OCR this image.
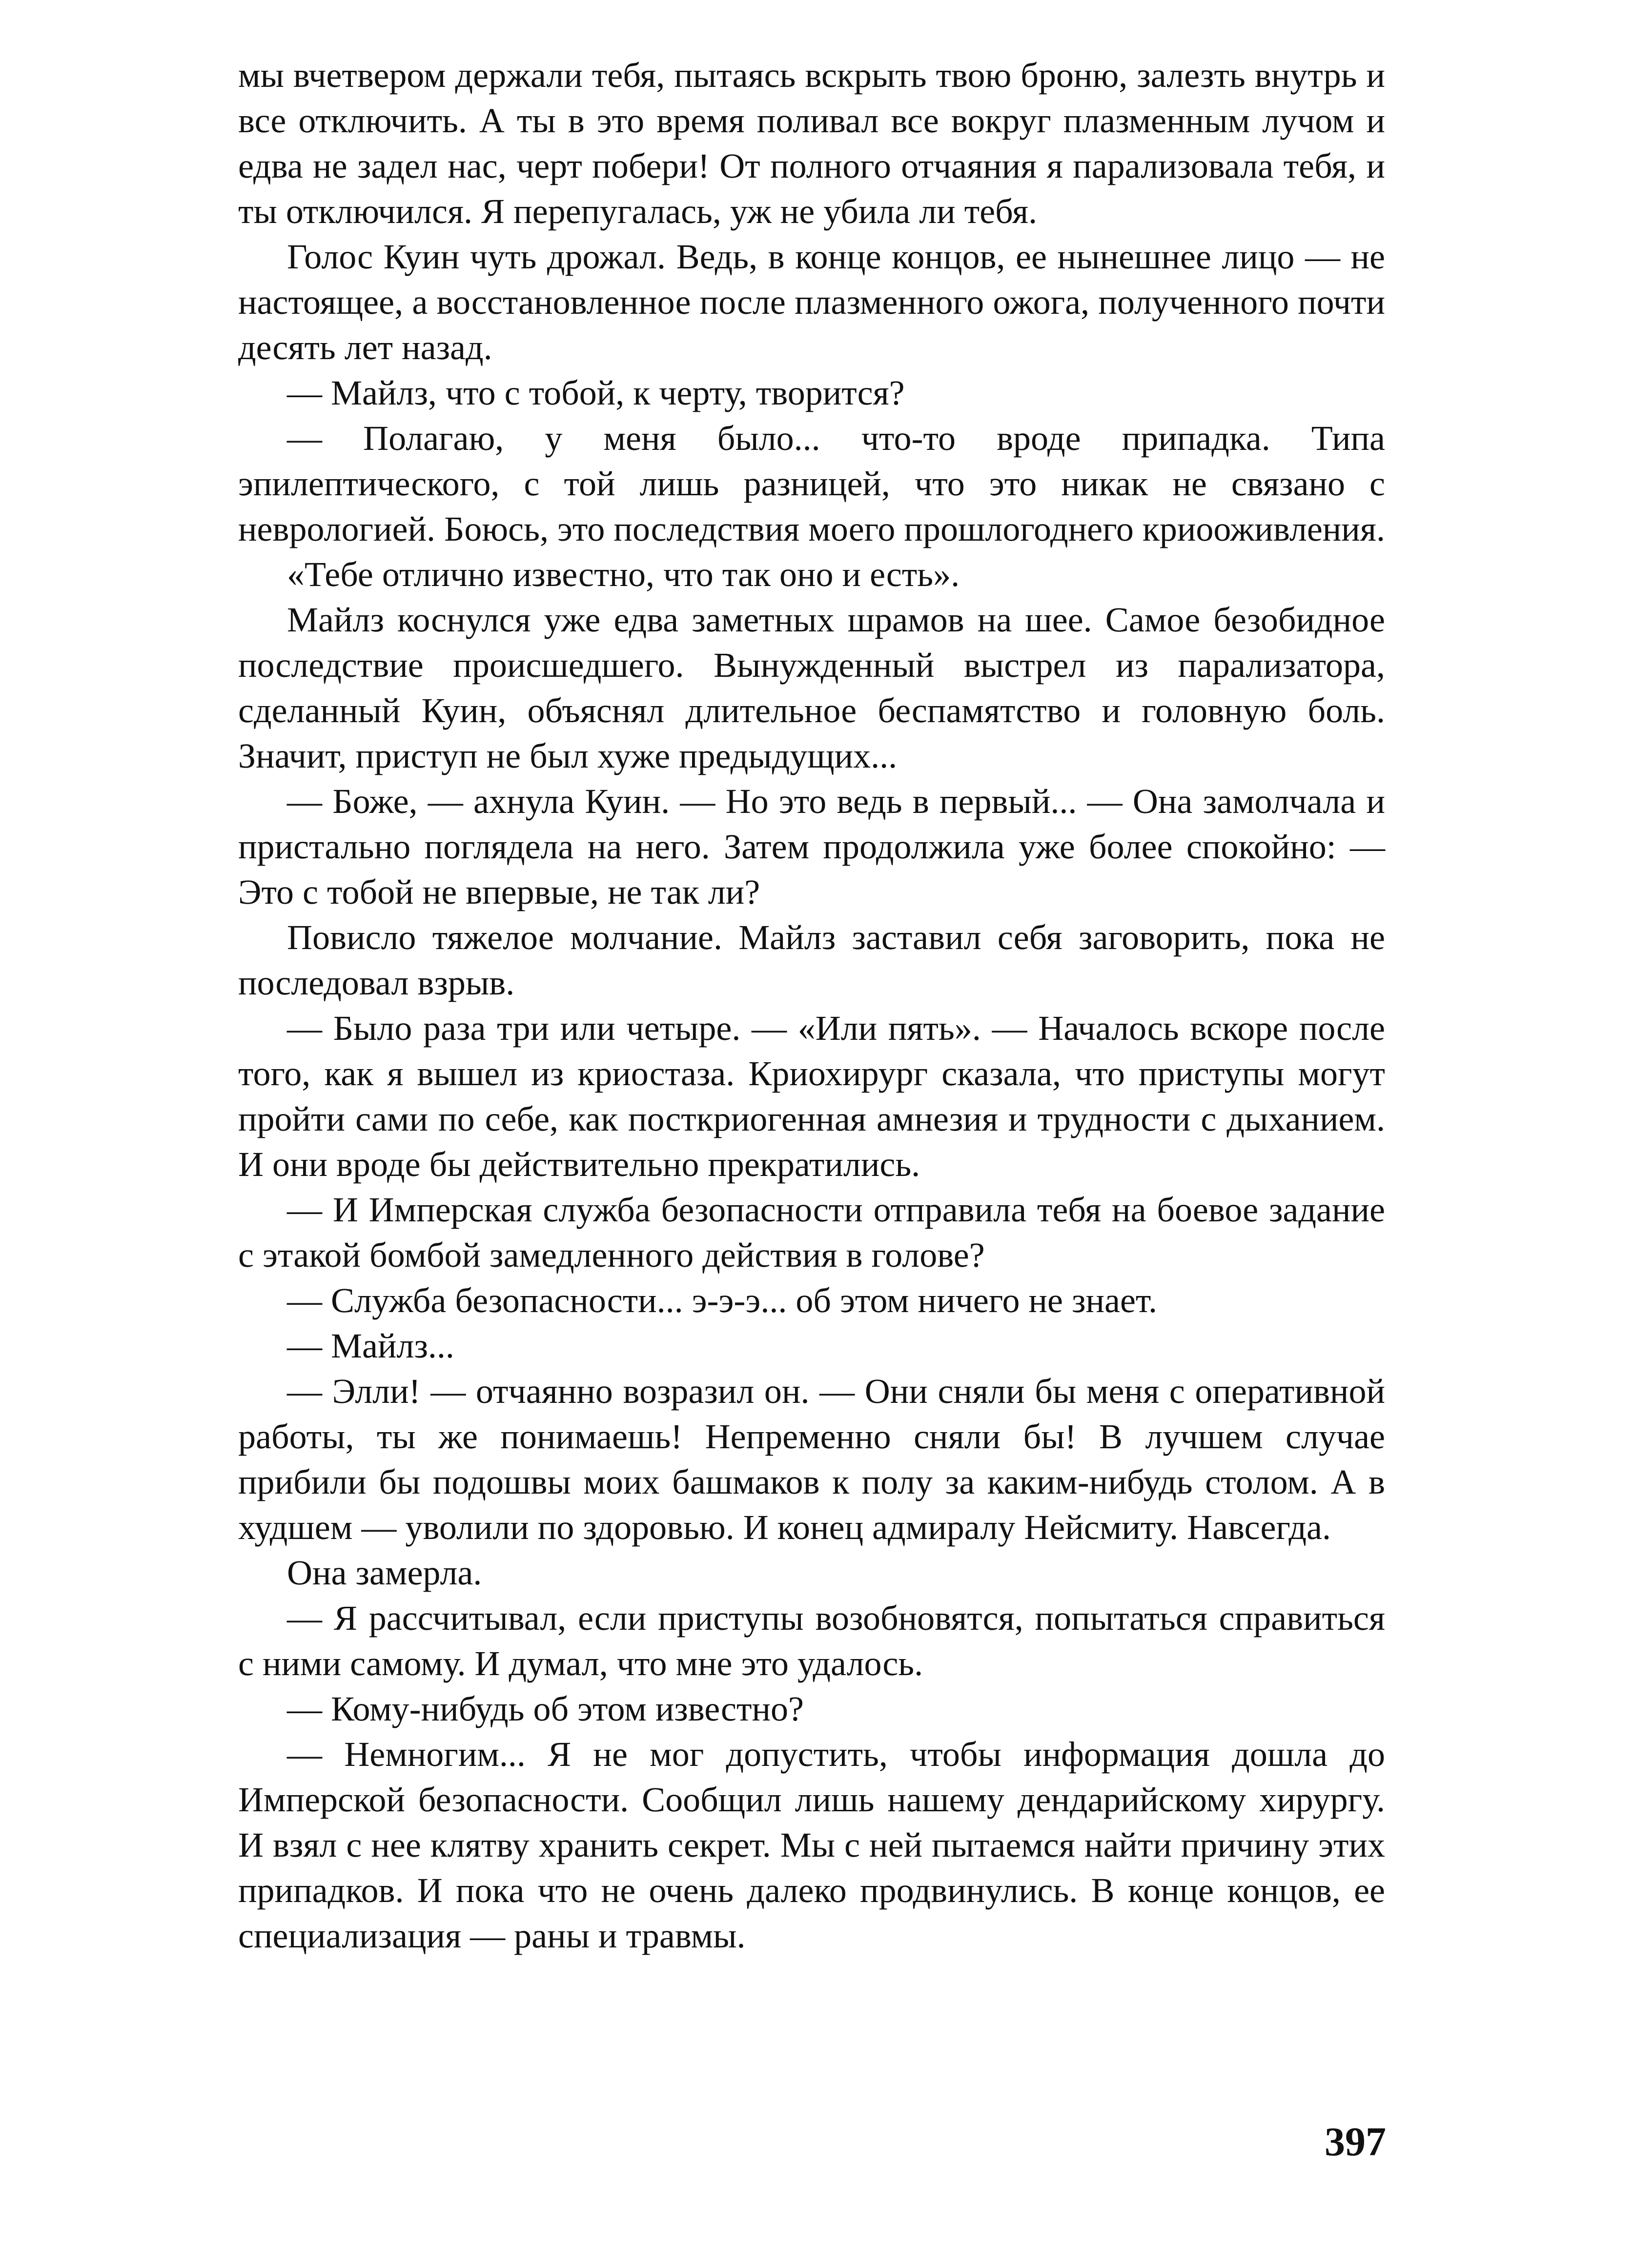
мы вчетвером держали тебя, пытаясь вскрыть твою броню, залезть внутрь и все отключить. А ты в это время поливал все вокруг плазменным лучом и едва не задел нас, черт побери! От полного отчаяния я парализовала тебя, и ты отключился. Я перепугалась, уж не убила ли тебя.

Голос Куин чуть дрожал. Ведь, в конце концов, ее нынешнее лицо — не настоящее, а восстановленное после плазменного ожога, полученного почти десять лет назад.

— Майлз, что с тобой, к черту, творится?

— Полагаю, у меня было... что-то вроде припадка. Типа эпилептического, с той лишь разницей, что это никак не связано с неврологией. Боюсь, это последствия моего прошлогоднего криооживления.

«Тебе отлично известно, что так оно и есть».

Майлз коснулся уже едва заметных шрамов на шее. Самое безобидное последствие происшедшего. Вынужденный выстрел из парализатора, сделанный Куин, объяснял длительное беспамятство и головную боль. Значит, приступ не был хуже предыдущих...

— Боже, — ахнула Куин. — Но это ведь в первый... — Она замолчала и пристально поглядела на него. Затем продолжила уже более спокойно: — Это с тобой не впервые, не так ли?

Повисло тяжелое молчание. Майлз заставил себя заговорить, пока не последовал взрыв.

— Было раза три или четыре. — «Или пять». — Началось вскоре после того, как я вышел из криостаза. Криохирург сказала, что приступы могут пройти сами по себе, как посткриогенная амнезия и трудности с дыханием. И они вроде бы действительно прекратились.

— И Имперская служба безопасности отправила тебя на боевое задание с этакой бомбой замедленного действия в голове?

— Служба безопасности... э-э-э... об этом ничего не знает.

— Майлз...

— Элли! — отчаянно возразил он. — Они сняли бы меня с оперативной работы, ты же понимаешь! Непременно сняли бы! В лучшем случае прибили бы подошвы моих башмаков к полу за каким-нибудь столом. А в худшем — уволили по здоровью. И конец адмиралу Нейсмиту. Навсегда.

Она замерла.

— Я рассчитывал, если приступы возобновятся, попытаться справиться с ними самому. И думал, что мне это удалось.

— Кому-нибудь об этом известно?

— Немногим... Я не мог допустить, чтобы информация дошла до Имперской безопасности. Сообщил лишь нашему дендарийскому хирургу. И взял с нее клятву хранить секрет. Мы с ней пытаемся найти причину этих припадков. И пока что не очень далеко продвинулись. В конце концов, ее специализация — раны и травмы.

397
